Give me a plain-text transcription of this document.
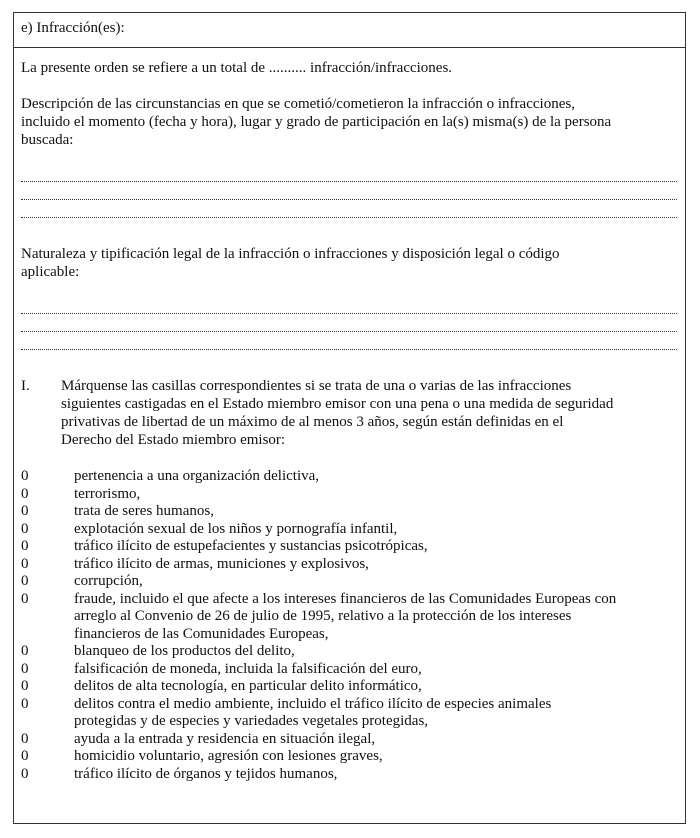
e) Infracción(es):
La presente orden se refiere a un total de .......... infracción/infracciones.
Descripción de las circunstancias en que se cometió/cometieron la infracción o infracciones,
incluido el momento (fecha y hora), lugar y grado de participación en la(s) misma(s) de la persona
buscada:
Naturaleza y tipificación legal de la infracción o infracciones y disposición legal o código
aplicable:
I. Márquense las casillas correspondientes si se trata de una o varias de las infracciones
siguientes castigadas en el Estado miembro emisor con una pena o una medida de seguridad
privativas de libertad de un máximo de al menos 3 años, según están definidas en el
Derecho del Estado miembro emisor:
0	pertenencia a una organización delictiva,
0	terrorismo,
0	trata de seres humanos,
0	explotación sexual de los niños y pornografía infantil,
0	tráfico ilícito de estupefacientes y sustancias psicotrópicas,
0	tráfico ilícito de armas, municiones y explosivos,
0	corrupción,
0	fraude, incluido el que afecte a los intereses financieros de las Comunidades Europeas con
arreglo al Convenio de 26 de julio de 1995, relativo a la protección de los intereses
financieros de las Comunidades Europeas,
0	blanqueo de los productos del delito,
0	falsificación de moneda, incluida la falsificación del euro,
0	delitos de alta tecnología, en particular delito informático,
0	delitos contra el medio ambiente, incluido el tráfico ilícito de especies animales
protegidas y de especies y variedades vegetales protegidas,
0	ayuda a la entrada y residencia en situación ilegal,
0	homicidio voluntario, agresión con lesiones graves,
0	tráfico ilícito de órganos y tejidos humanos,
